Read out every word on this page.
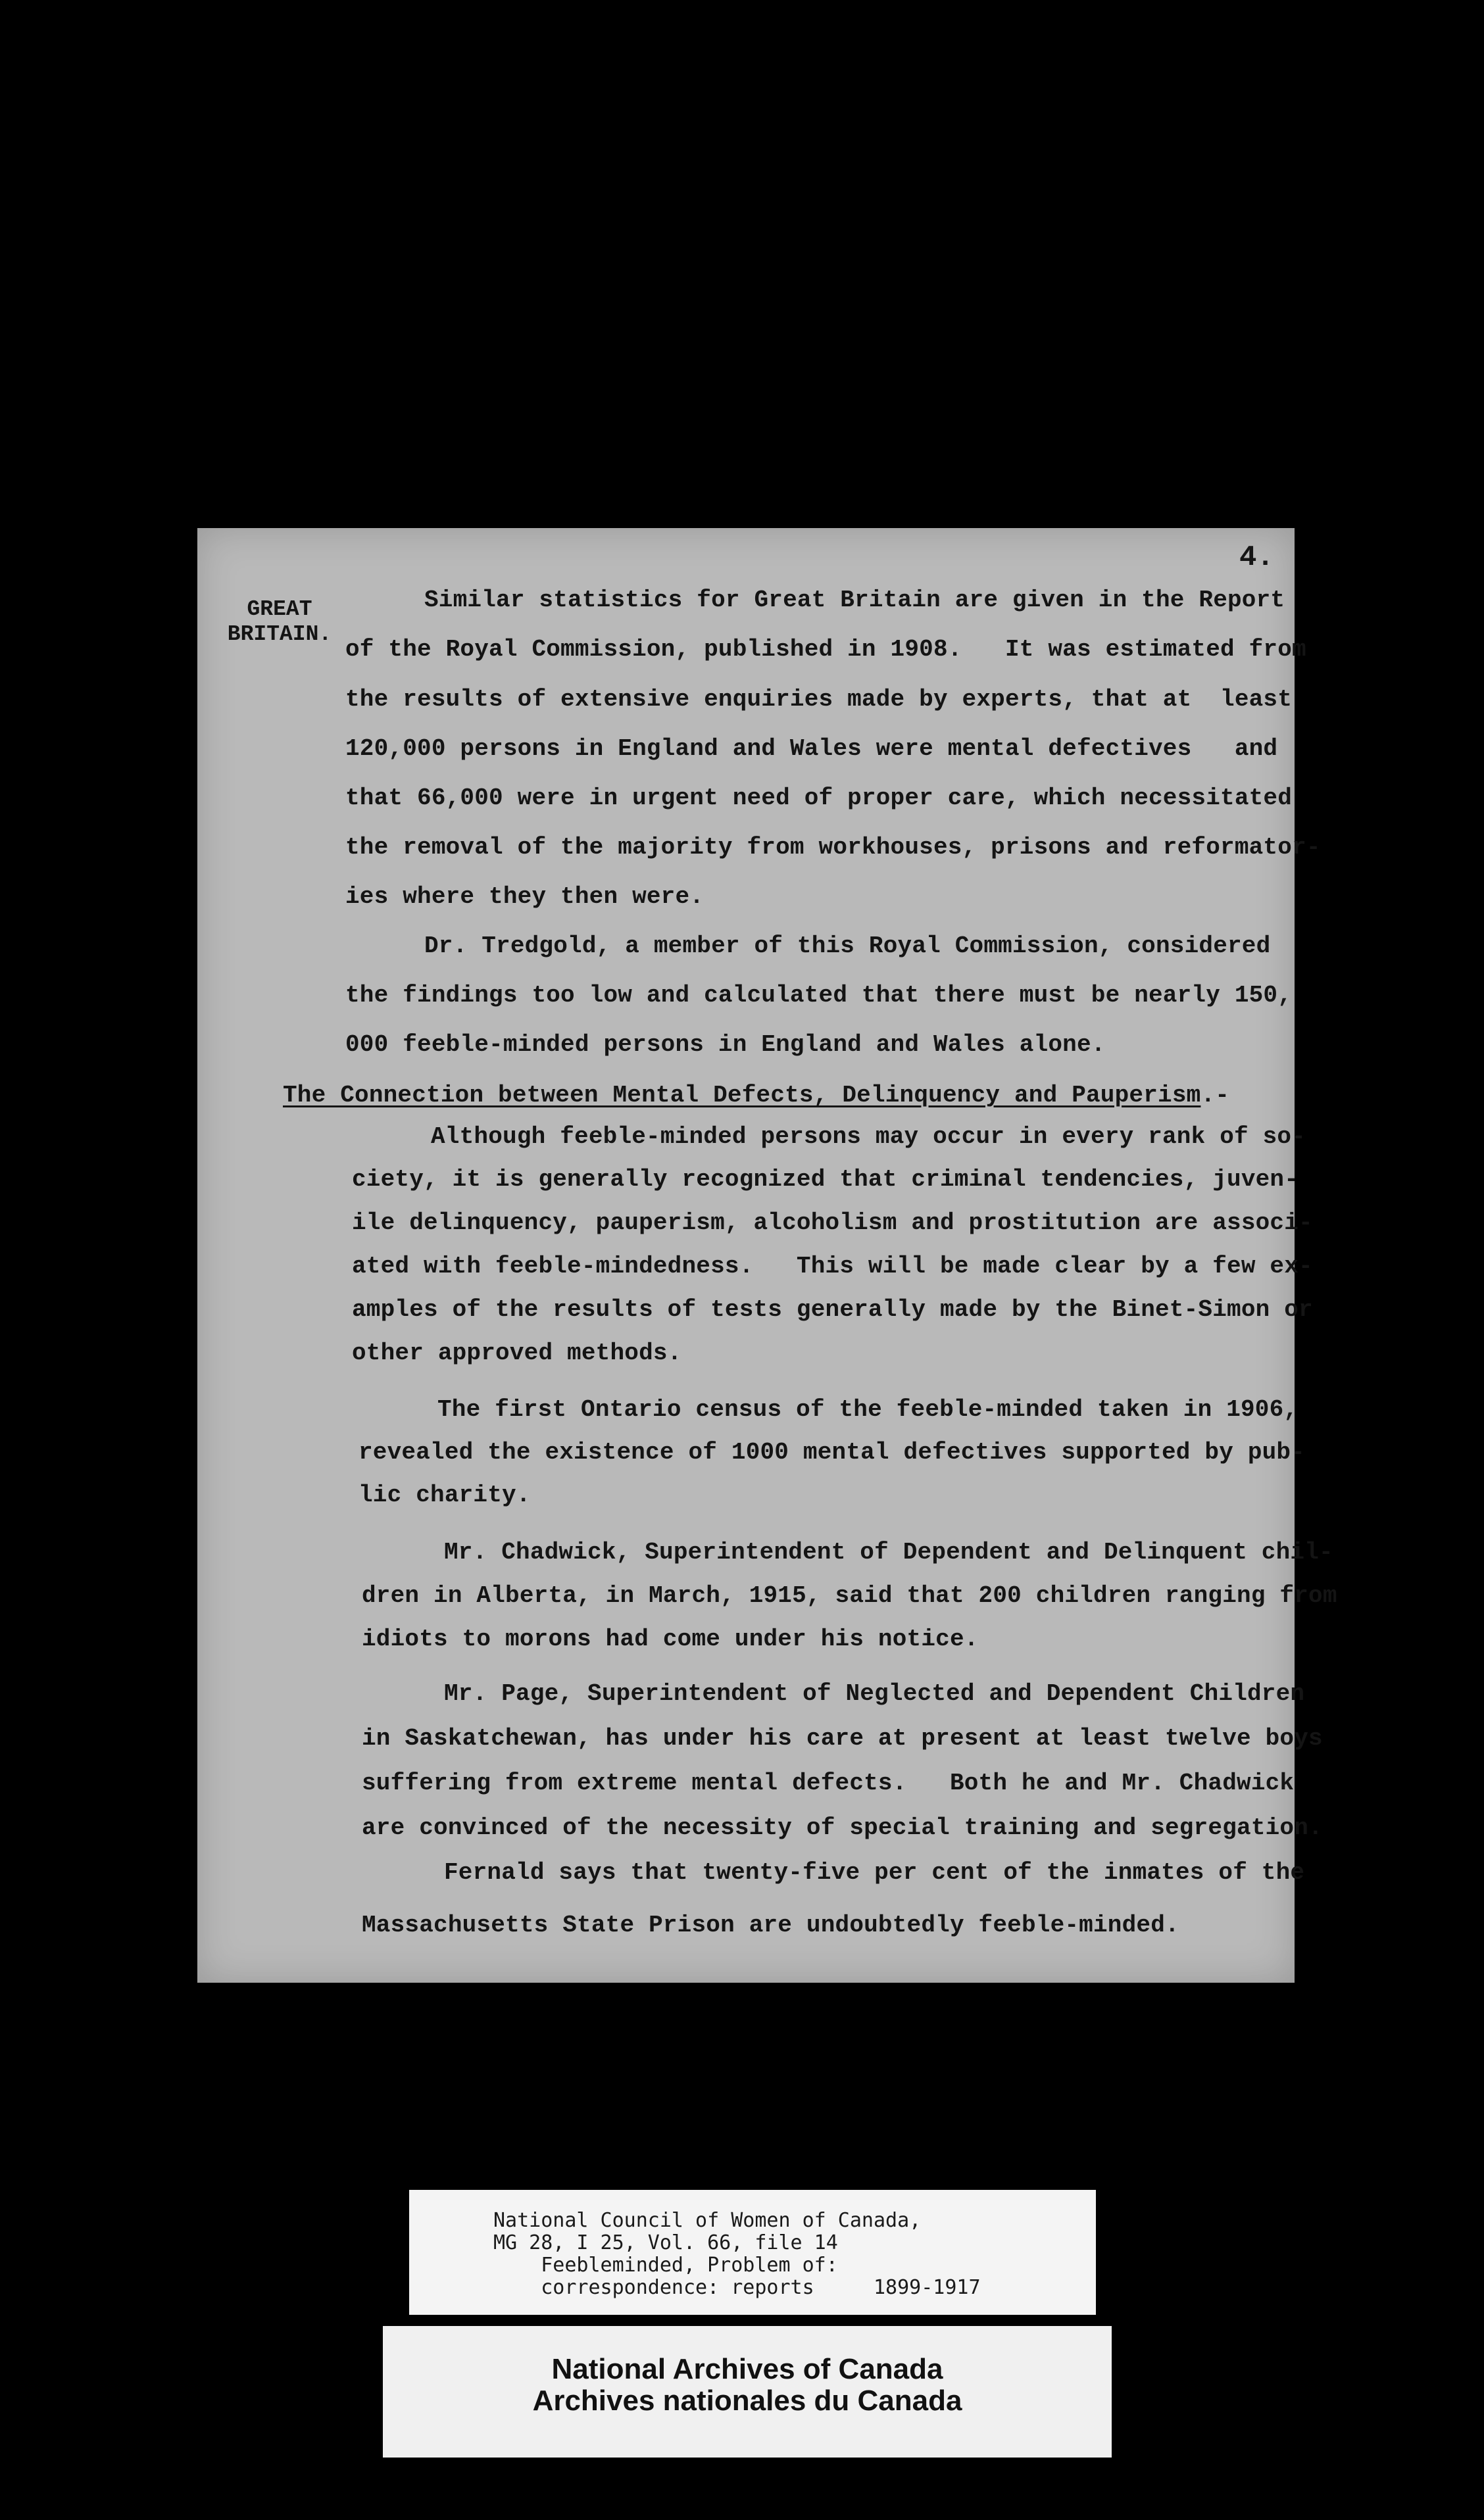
4.
GREAT
BRITAIN.
Similar statistics for Great Britain are given in the Report
of the Royal Commission, published in 1908.   It was estimated from
the results of extensive enquiries made by experts, that at  least
120,000 persons in England and Wales were mental defectives   and
that 66,000 were in urgent need of proper care, which necessitated
the removal of the majority from workhouses, prisons and reformator-
ies where they then were.
Dr. Tredgold, a member of this Royal Commission, considered
the findings too low and calculated that there must be nearly 150,
000 feeble-minded persons in England and Wales alone.
The Connection between Mental Defects, Delinquency and Pauperism.-
Although feeble-minded persons may occur in every rank of so-
ciety, it is generally recognized that criminal tendencies, juven-
ile delinquency, pauperism, alcoholism and prostitution are associ-
ated with feeble-mindedness.   This will be made clear by a few ex-
amples of the results of tests generally made by the Binet-Simon or
other approved methods.
The first Ontario census of the feeble-minded taken in 1906,
revealed the existence of 1000 mental defectives supported by pub-
lic charity.
Mr. Chadwick, Superintendent of Dependent and Delinquent chil-
dren in Alberta, in March, 1915, said that 200 children ranging from
idiots to morons had come under his notice.
Mr. Page, Superintendent of Neglected and Dependent Children
in Saskatchewan, has under his care at present at least twelve boys
suffering from extreme mental defects.   Both he and Mr. Chadwick
are convinced of the necessity of special training and segregation.
Fernald says that twenty-five per cent of the inmates of the
Massachusetts State Prison are undoubtedly feeble-minded.
National Council of Women of Canada,
MG 28, I 25, Vol. 66, file 14
Feebleminded, Problem of:
correspondence: reports     1899-1917
National Archives of Canada
Archives nationales du Canada
